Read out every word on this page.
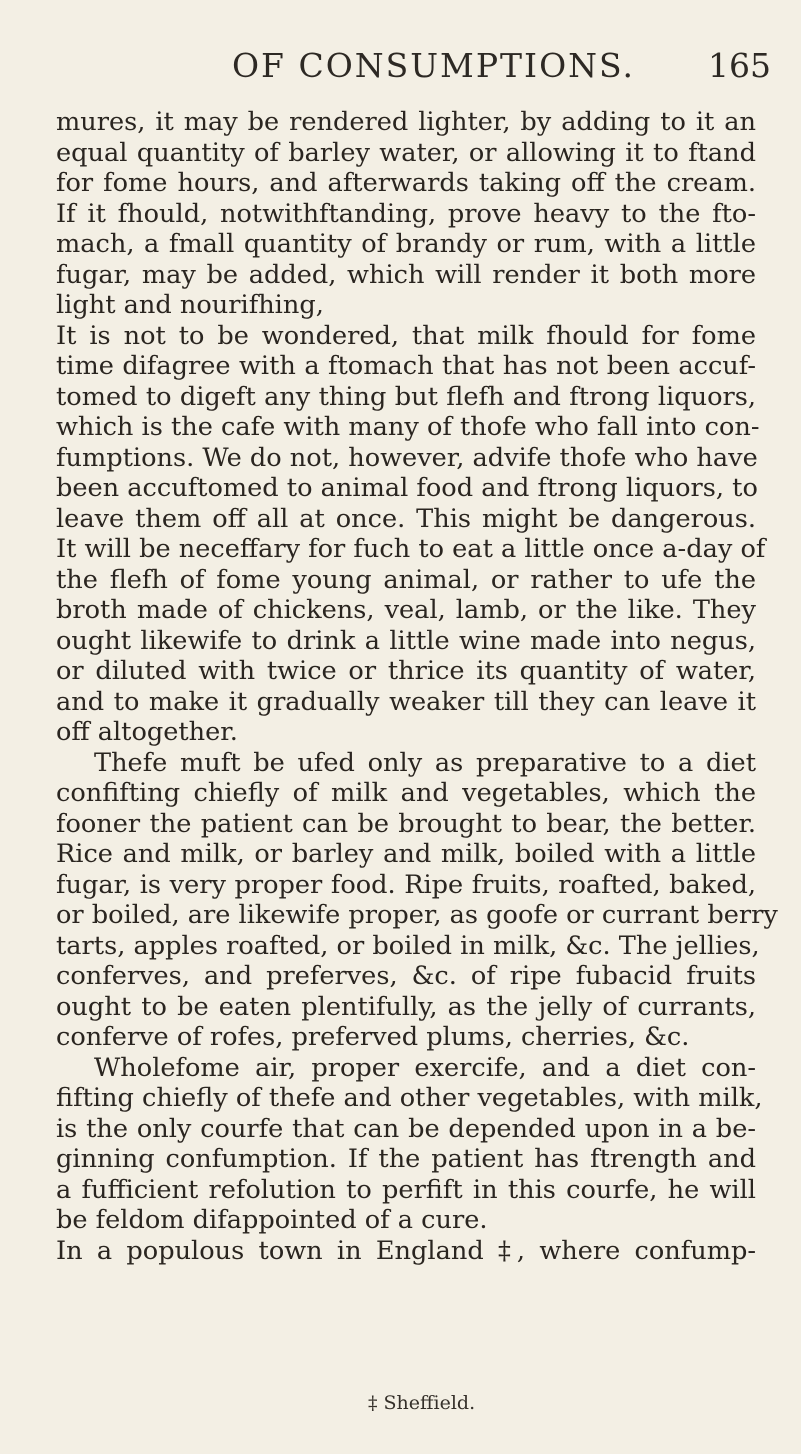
OF CONSUMPTIONS. 165
mures, it may be rendered lighter, by adding to it an
equal quantity of barley water, or allowing it to ftand
for fome hours, and afterwards taking off the cream.
If it fhould, notwithftanding, prove heavy to the fto-
mach, a fmall quantity of brandy or rum, with a little
fugar, may be added, which will render it both more
light and nourifhing,
It is not to be wondered, that milk fhould for fome
time difagree with a ftomach that has not been accuf-
tomed to digeft any thing but flefh and ftrong liquors,
which is the cafe with many of thofe who fall into con-
fumptions. We do not, however, advife thofe who have
been accuftomed to animal food and ftrong liquors, to
leave them off all at once. This might be dangerous.
It will be neceffary for fuch to eat a little once a-day of
the flefh of fome young animal, or rather to ufe the
broth made of chickens, veal, lamb, or the like. They
ought likewife to drink a little wine made into negus,
or diluted with twice or thrice its quantity of water,
and to make it gradually weaker till they can leave it
off altogether.
Thefe muft be ufed only as preparative to a diet
confifting chiefly of milk and vegetables, which the
fooner the patient can be brought to bear, the better.
Rice and milk, or barley and milk, boiled with a little
fugar, is very proper food. Ripe fruits, roafted, baked,
or boiled, are likewife proper, as goofe or currant berry
tarts, apples roafted, or boiled in milk, &c. The jellies,
conferves, and preferves, &c. of ripe fubacid fruits
ought to be eaten plentifully, as the jelly of currants,
conferve of rofes, preferved plums, cherries, &c.
Wholefome air, proper exercife, and a diet con-
fifting chiefly of thefe and other vegetables, with milk,
is the only courfe that can be depended upon in a be-
ginning confumption. If the patient has ftrength and
a fufficient refolution to perfift in this courfe, he will
be feldom difappointed of a cure.
In a populous town in England ‡, where confump-
‡ Sheffield.
